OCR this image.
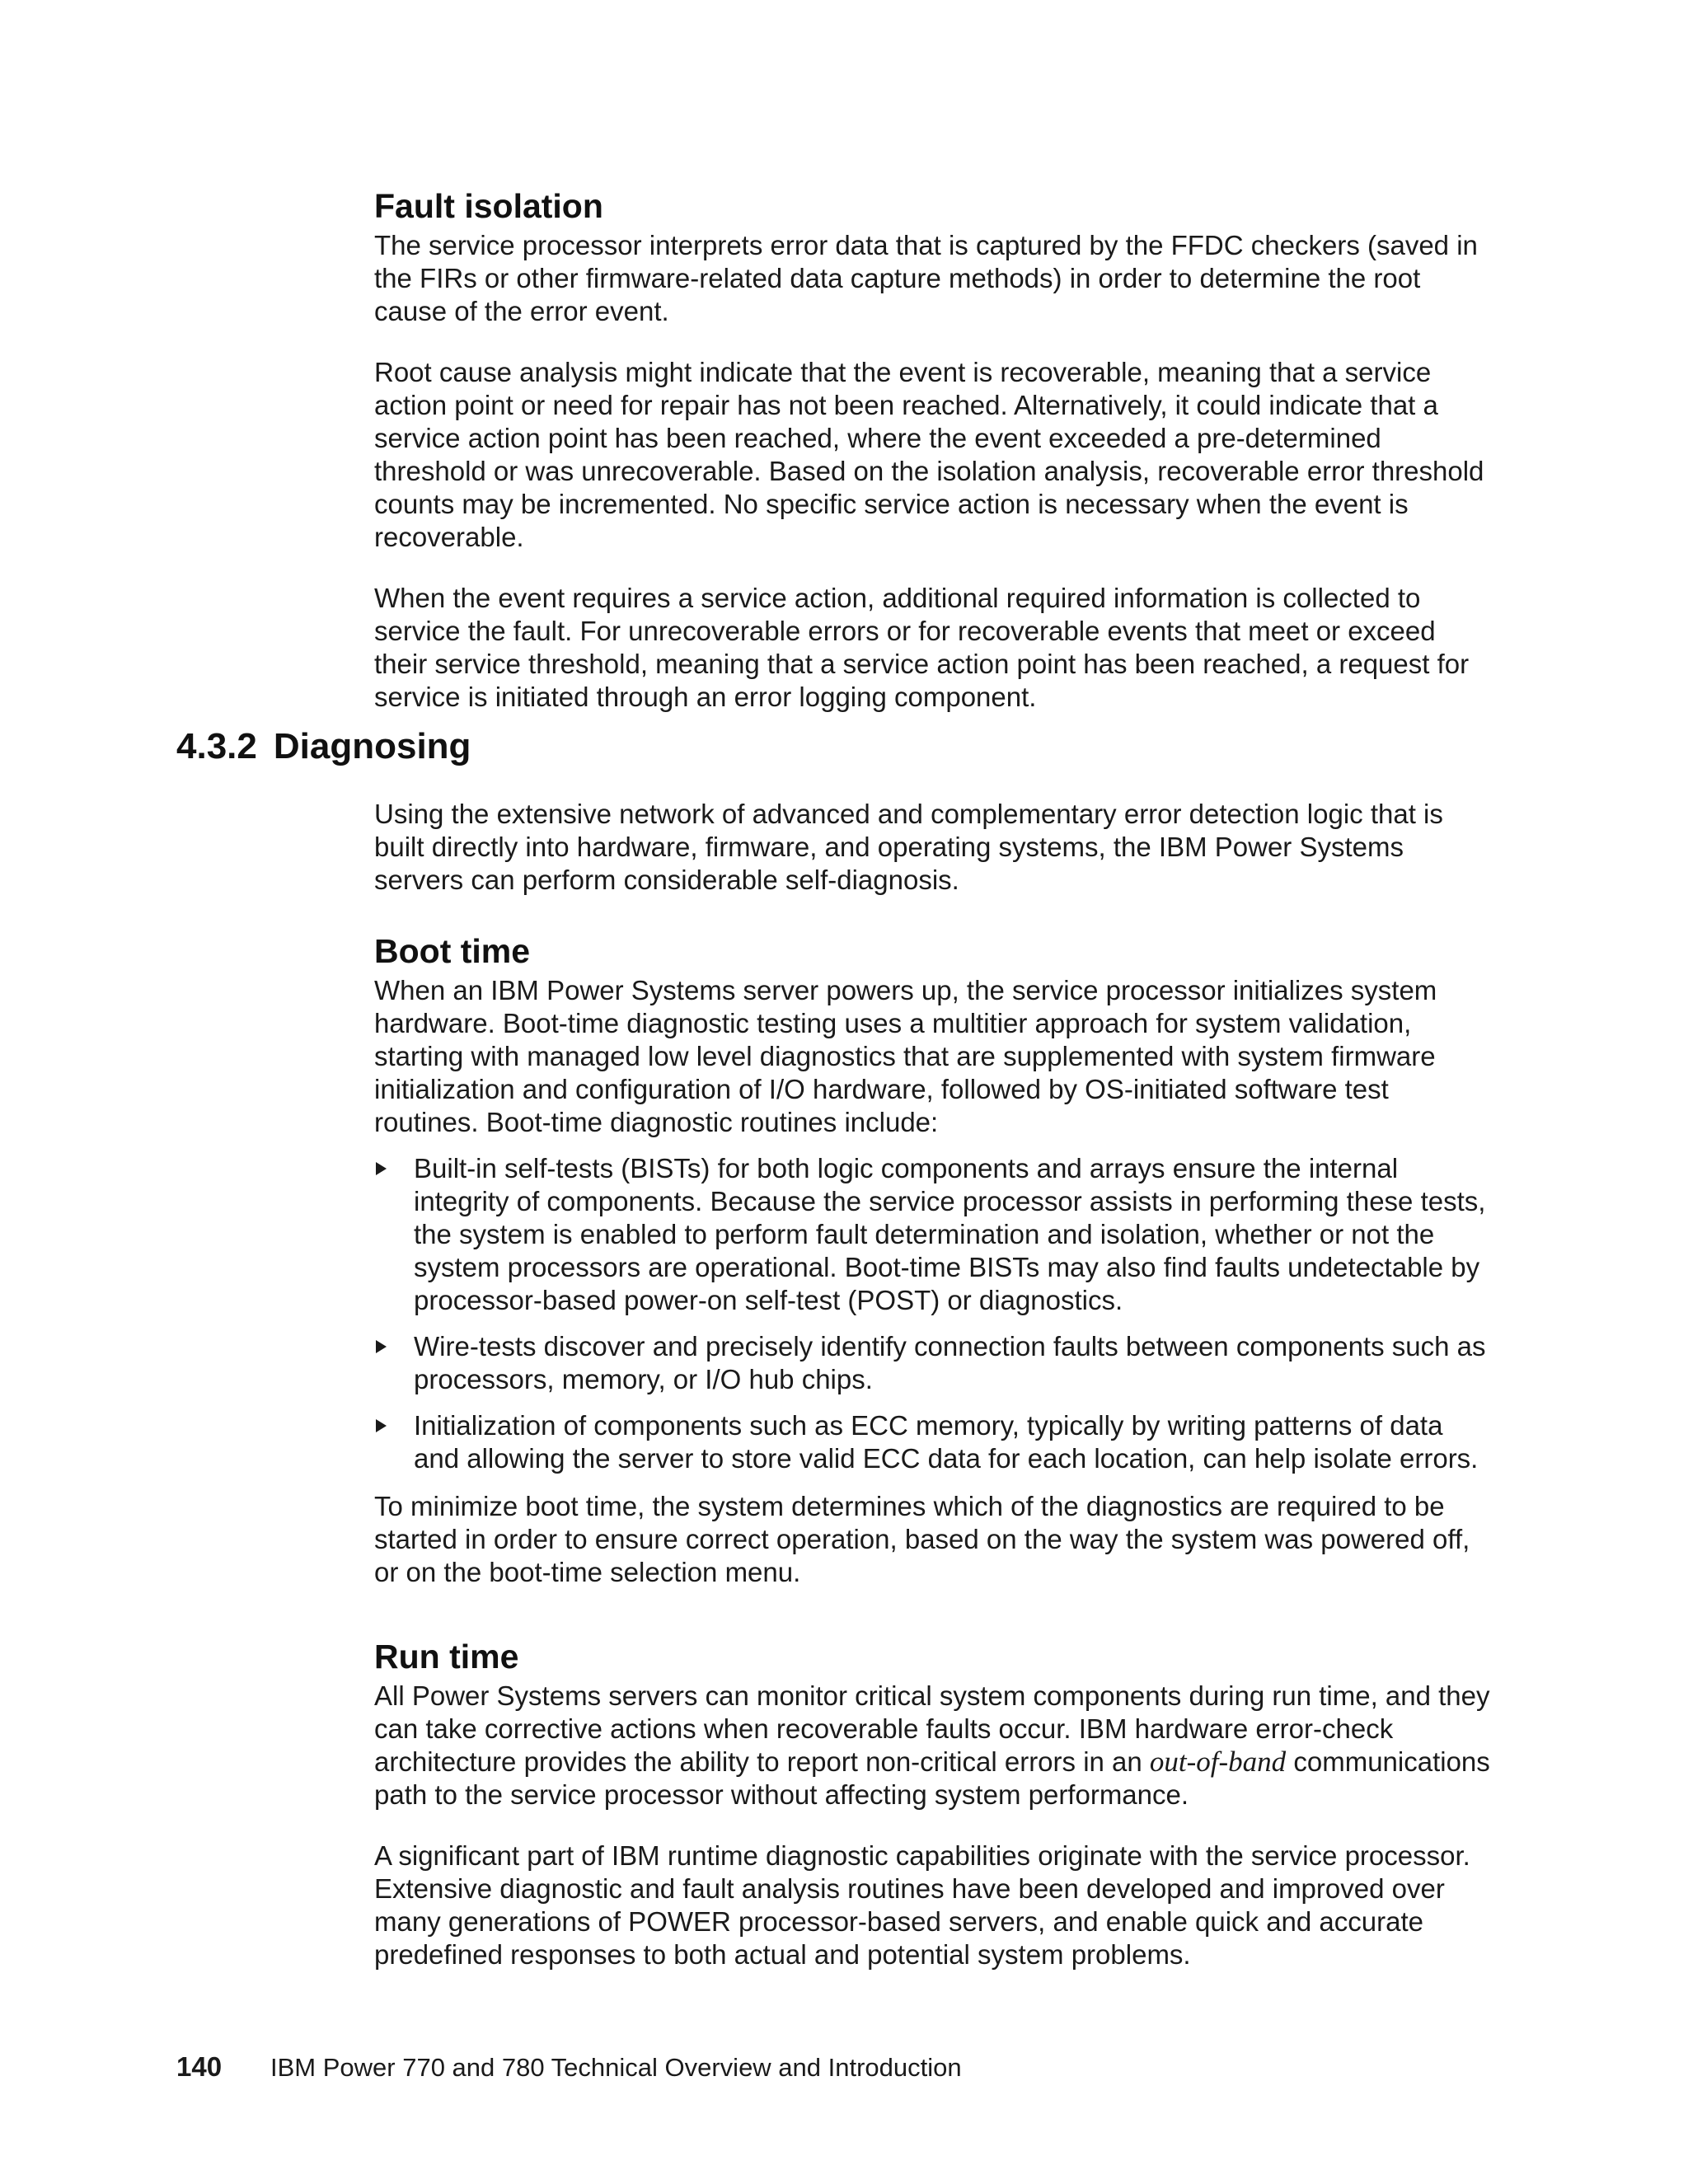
Fault isolation

The service processor interprets error data that is captured by the FFDC checkers (saved in the FIRs or other firmware-related data capture methods) in order to determine the root cause of the error event.

Root cause analysis might indicate that the event is recoverable, meaning that a service action point or need for repair has not been reached. Alternatively, it could indicate that a service action point has been reached, where the event exceeded a pre-determined threshold or was unrecoverable. Based on the isolation analysis, recoverable error threshold counts may be incremented. No specific service action is necessary when the event is recoverable.

When the event requires a service action, additional required information is collected to service the fault. For unrecoverable errors or for recoverable events that meet or exceed their service threshold, meaning that a service action point has been reached, a request for service is initiated through an error logging component.

4.3.2 Diagnosing

Using the extensive network of advanced and complementary error detection logic that is built directly into hardware, firmware, and operating systems, the IBM Power Systems servers can perform considerable self-diagnosis.

Boot time

When an IBM Power Systems server powers up, the service processor initializes system hardware. Boot-time diagnostic testing uses a multitier approach for system validation, starting with managed low level diagnostics that are supplemented with system firmware initialization and configuration of I/O hardware, followed by OS-initiated software test routines. Boot-time diagnostic routines include:

Built-in self-tests (BISTs) for both logic components and arrays ensure the internal integrity of components. Because the service processor assists in performing these tests, the system is enabled to perform fault determination and isolation, whether or not the system processors are operational. Boot-time BISTs may also find faults undetectable by processor-based power-on self-test (POST) or diagnostics.
Wire-tests discover and precisely identify connection faults between components such as processors, memory, or I/O hub chips.
Initialization of components such as ECC memory, typically by writing patterns of data and allowing the server to store valid ECC data for each location, can help isolate errors.

To minimize boot time, the system determines which of the diagnostics are required to be started in order to ensure correct operation, based on the way the system was powered off, or on the boot-time selection menu.

Run time

All Power Systems servers can monitor critical system components during run time, and they can take corrective actions when recoverable faults occur. IBM hardware error-check architecture provides the ability to report non-critical errors in an out-of-band communications path to the service processor without affecting system performance.

A significant part of IBM runtime diagnostic capabilities originate with the service processor. Extensive diagnostic and fault analysis routines have been developed and improved over many generations of POWER processor-based servers, and enable quick and accurate predefined responses to both actual and potential system problems.

140 IBM Power 770 and 780 Technical Overview and Introduction
